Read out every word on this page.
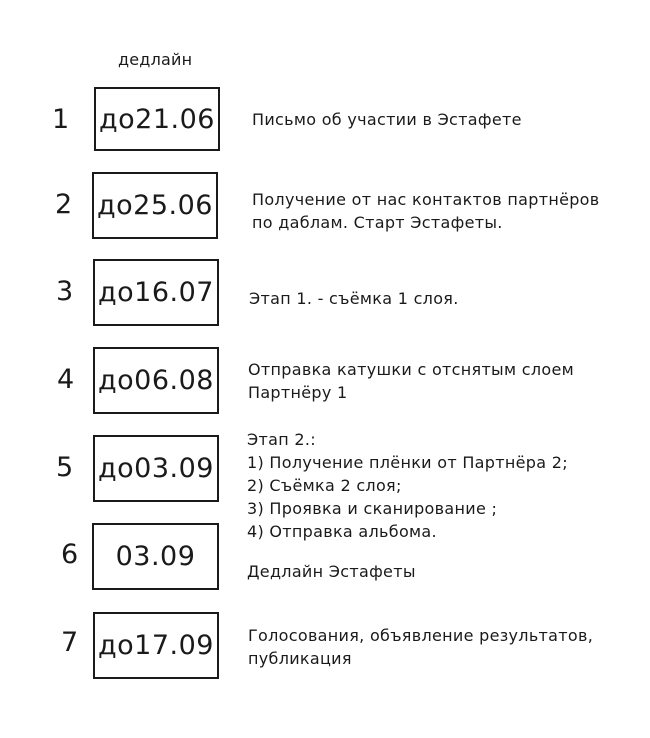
дедлайн
1 до21.06	Письмо об участии в Эстафете
2 до25.06	Получение от нас контактов партнёров
по даблам. Старт Эстафеты.
3 до16.07	Этап 1. - съёмка 1 слоя.
4 до06.08	Отправка катушки с отснятым слоем
Партнёру 1
5 до03.09
Этап 2.:
1) Получение плёнки от Партнёра 2;
2) Съёмка 2 слоя;
3) Проявка и сканирование ;
4) Отправка альбома.
6	03.09	Дедлайн Эстафеты
7 до17.09	Голосования, объявление результатов,
публикация
